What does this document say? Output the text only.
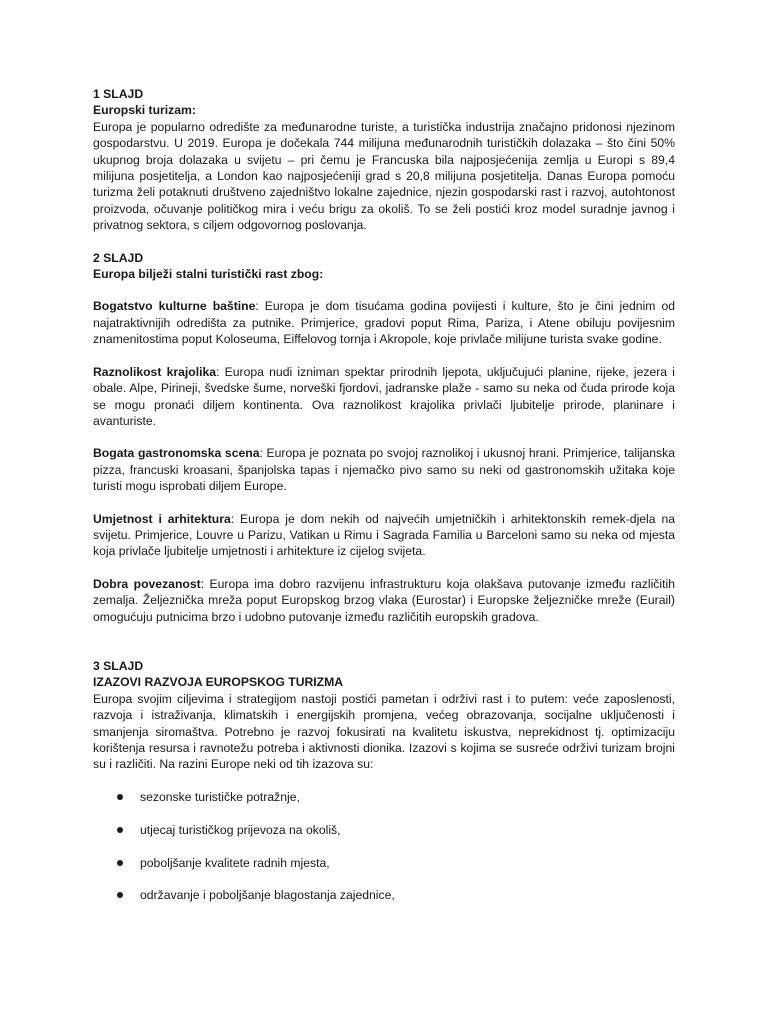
1 SLAJD

Europski turizam:

Europa je popularno odredište za međunarodne turiste, a turistička industrija značajno pridonosi njezinom gospodarstvu. U 2019. Europa je dočekala 744 milijuna međunarodnih turističkih dolazaka – što čini 50% ukupnog broja dolazaka u svijetu – pri čemu je Francuska bila najposjećenija zemlja u Europi s 89,4 milijuna posjetitelja, a London kao najposjećeniji grad s 20,8 milijuna posjetitelja. Danas Europa pomoću turizma želi potaknuti društveno zajedništvo lokalne zajednice, njezin gospodarski rast i razvoj, autohtonost proizvoda, očuvanje političkog mira i veću brigu za okoliš. To se želi postići kroz model suradnje javnog i privatnog sektora, s ciljem odgovornog poslovanja.

2 SLAJD

Europa bilježi stalni turistički rast zbog:

Bogatstvo kulturne baštine: Europa je dom tisućama godina povijesti i kulture, što je čini jednim od najatraktivnijih odredišta za putnike. Primjerice, gradovi poput Rima, Pariza, i Atene obiluju povijesnim znamenitostima poput Koloseuma, Eiffelovog tornja i Akropole, koje privlače milijune turista svake godine.

Raznolikost krajolika: Europa nudi izniman spektar prirodnih ljepota, uključujući planine, rijeke, jezera i obale. Alpe, Pirineji, švedske šume, norveški fjordovi, jadranske plaže - samo su neka od čuda prirode koja se mogu pronaći diljem kontinenta. Ova raznolikost krajolika privlači ljubitelje prirode, planinare i avanturiste.

Bogata gastronomska scena: Europa je poznata po svojoj raznolikoj i ukusnoj hrani. Primjerice, talijanska pizza, francuski kroasani, španjolska tapas i njemačko pivo samo su neki od gastronomskih užitaka koje turisti mogu isprobati diljem Europe.

Umjetnost i arhitektura: Europa je dom nekih od najvećih umjetničkih i arhitektonskih remek-djela na svijetu. Primjerice, Louvre u Parizu, Vatikan u Rimu i Sagrada Familia u Barceloni samo su neka od mjesta koja privlače ljubitelje umjetnosti i arhitekture iz cijelog svijeta.

Dobra povezanost: Europa ima dobro razvijenu infrastrukturu koja olakšava putovanje između različitih zemalja. Željeznička mreža poput Europskog brzog vlaka (Eurostar) i Europske željezničke mreže (Eurail) omogućuju putnicima brzo i udobno putovanje između različitih europskih gradova.

3 SLAJD

IZAZOVI RAZVOJA EUROPSKOG TURIZMA

Europa svojim ciljevima i strategijom nastoji postići pametan i održivi rast i to putem: veće zaposlenosti, razvoja i istraživanja, klimatskih i energijskih promjena, većeg obrazovanja, socijalne uključenosti i smanjenja siromaštva. Potrebno je razvoj fokusirati na kvalitetu iskustva, neprekidnost tj. optimizaciju korištenja resursa i ravnotežu potreba i aktivnosti dionika. Izazovi s kojima se susreće održivi turizam brojni su i različiti. Na razini Europe neki od tih izazova su:

sezonske turističke potražnje,
utjecaj turističkog prijevoza na okoliš,
poboljšanje kvalitete radnih mjesta,
održavanje i poboljšanje blagostanja zajednice,
